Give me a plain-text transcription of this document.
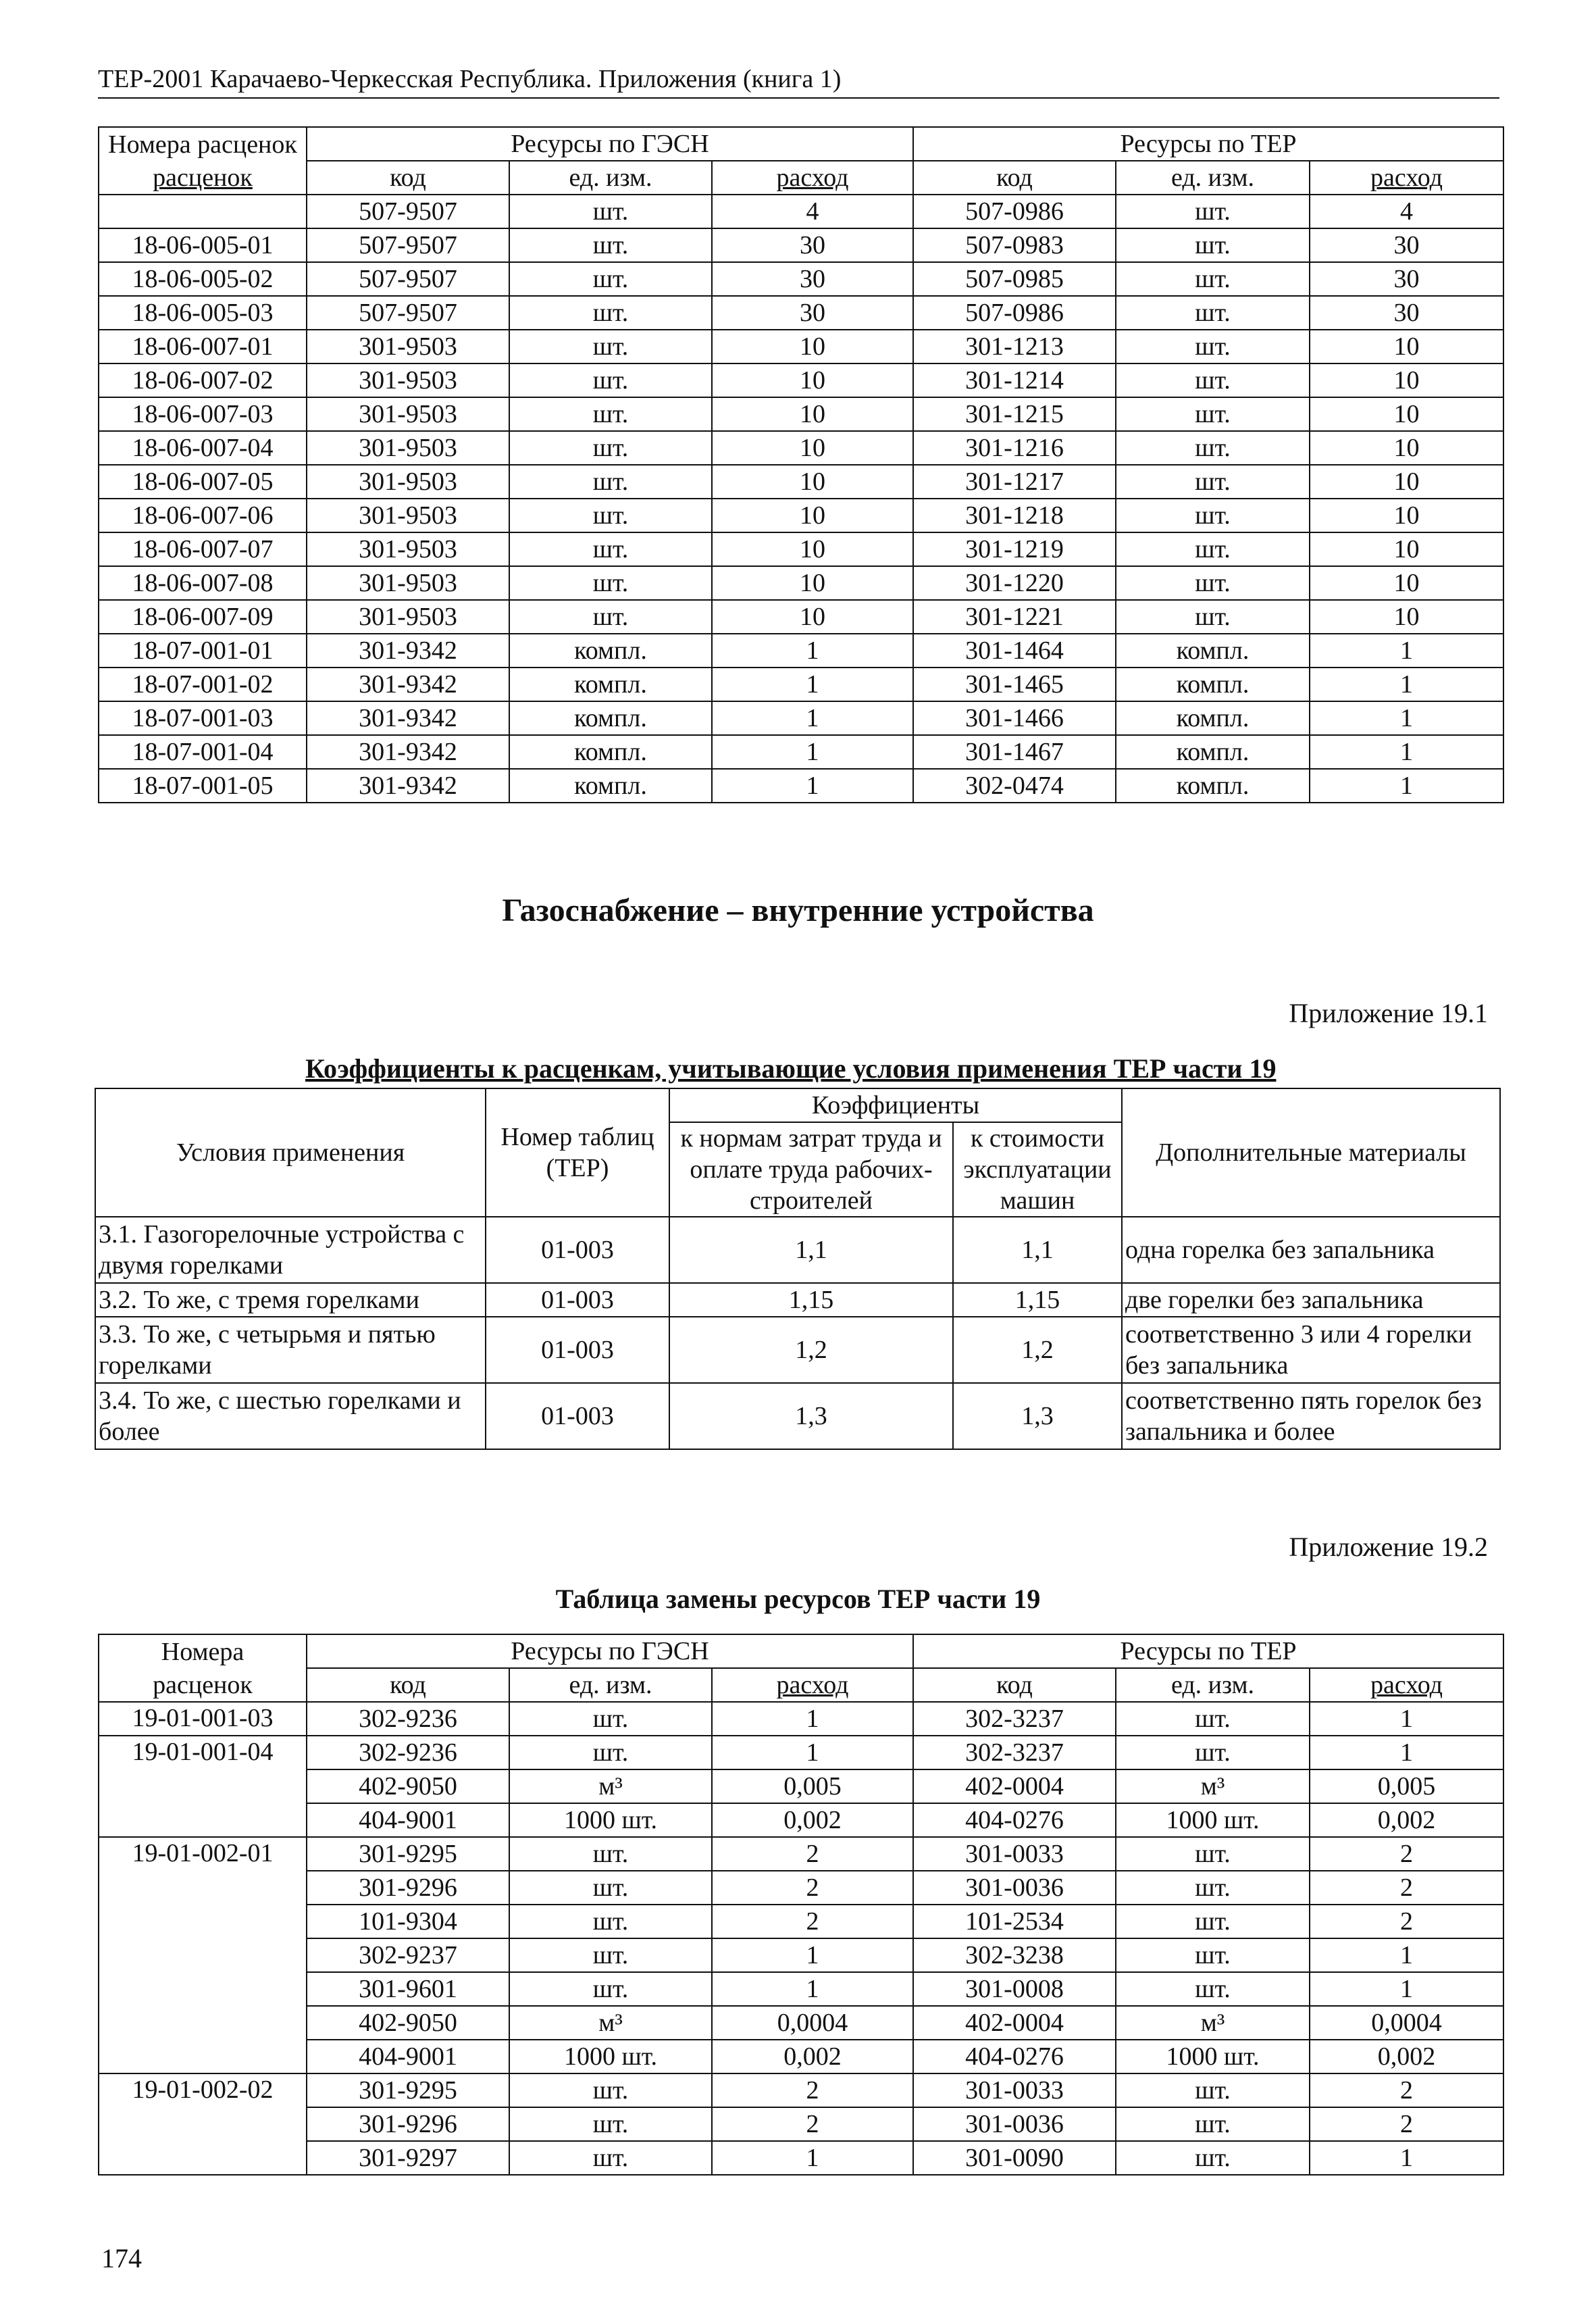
ТЕР-2001 Карачаево-Черкесская Республика. Приложения (книга 1)
Номера расценок	Ресурсы по ГЭСН			Ресурсы по ТЕР		
расценок	код	ед. изм.	расход	код	ед. изм.	расход
	507-9507	шт.	4	507-0986	шт.	4
18-06-005-01	507-9507	шт.	30	507-0983	шт.	30
18-06-005-02	507-9507	шт.	30	507-0985	шт.	30
18-06-005-03	507-9507	шт.	30	507-0986	шт.	30
18-06-007-01	301-9503	шт.	10	301-1213	шт.	10
18-06-007-02	301-9503	шт.	10	301-1214	шт.	10
18-06-007-03	301-9503	шт.	10	301-1215	шт.	10
18-06-007-04	301-9503	шт.	10	301-1216	шт.	10
18-06-007-05	301-9503	шт.	10	301-1217	шт.	10
18-06-007-06	301-9503	шт.	10	301-1218	шт.	10
18-06-007-07	301-9503	шт.	10	301-1219	шт.	10
18-06-007-08	301-9503	шт.	10	301-1220	шт.	10
18-06-007-09	301-9503	шт.	10	301-1221	шт.	10
18-07-001-01	301-9342	компл.	1	301-1464	компл.	1
18-07-001-02	301-9342	компл.	1	301-1465	компл.	1
18-07-001-03	301-9342	компл.	1	301-1466	компл.	1
18-07-001-04	301-9342	компл.	1	301-1467	компл.	1
18-07-001-05	301-9342	компл.	1	302-0474	компл.	1
Газоснабжение – внутренние устройства
Приложение 19.1
Коэффициенты к расценкам, учитывающие условия применения ТЕР части 19
Условия применения	Номер таблиц (ТЕР)	Коэффициенты		Дополнительные материалы
		к нормам затрат труда и оплате труда рабочих-строителей	к стоимости эксплуатации машин	

3.1. Газогорелочные устройства с двумя горелками	01-003	1,1	1,1	одна горелка без запальника
3.2. То же, с тремя горелками	01-003	1,15	1,15	две горелки без запальника
3.3. То же, с четырьмя и пятью горелками	01-003	1,2	1,2	соответственно 3 или 4 горелки без запальника
3.4. То же, с шестью горелками и более	01-003	1,3	1,3	соответственно пять горелок без запальника и более
Приложение 19.2
Таблица замены ресурсов ТЕР части 19
Номера	Ресурсы по ГЭСН			Ресурсы по ТЕР		
расценок	код	ед. изм.	расход	код	ед. изм.	расход
19-01-001-03	302-9236	шт.	1	302-3237	шт.	1
19-01-001-04	302-9236	шт.	1	302-3237	шт.	1
	402-9050	м³	0,005	402-0004	м³	0,005
	404-9001	1000 шт.	0,002	404-0276	1000 шт.	0,002
19-01-002-01	301-9295	шт.	2	301-0033	шт.	2
	301-9296	шт.	2	301-0036	шт.	2
	101-9304	шт.	2	101-2534	шт.	2
	302-9237	шт.	1	302-3238	шт.	1
	301-9601	шт.	1	301-0008	шт.	1
	402-9050	м³	0,0004	402-0004	м³	0,0004
	404-9001	1000 шт.	0,002	404-0276	1000 шт.	0,002
19-01-002-02	301-9295	шт.	2	301-0033	шт.	2
	301-9296	шт.	2	301-0036	шт.	2
	301-9297	шт.	1	301-0090	шт.	1
174
